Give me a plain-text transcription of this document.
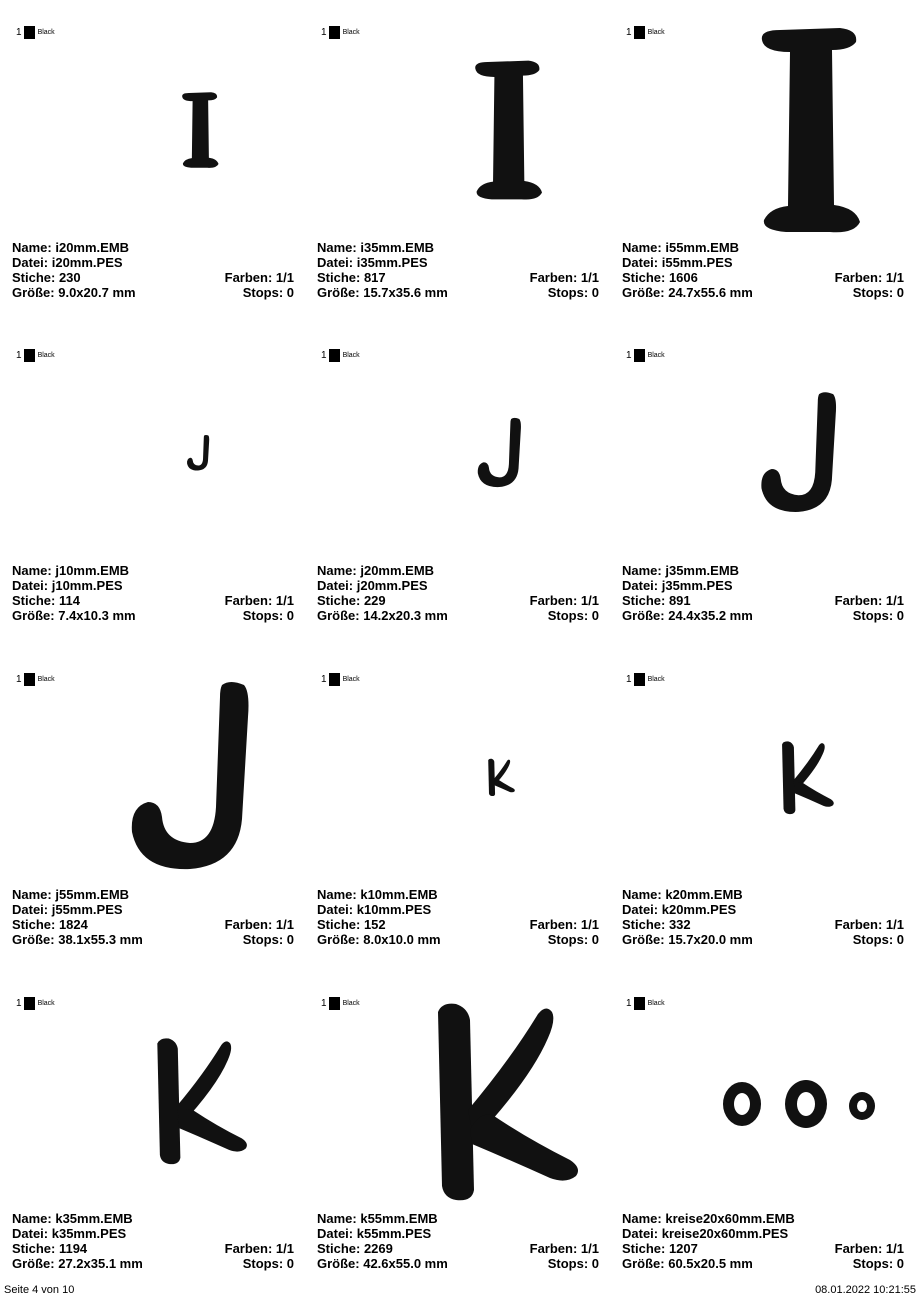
1 Black
Name: i20mm.EMB
Datei: i20mm.PES
Stiche: 230	Farben: 1/1
Größe: 9.0x20.7 mm	Stops: 0
1 Black
Name: i35mm.EMB
Datei: i35mm.PES
Stiche: 817	Farben: 1/1
Größe: 15.7x35.6 mm	Stops: 0
1 Black
Name: i55mm.EMB
Datei: i55mm.PES
Stiche: 1606	Farben: 1/1
Größe: 24.7x55.6 mm	Stops: 0
1 Black
Name: j10mm.EMB
Datei: j10mm.PES
Stiche: 114	Farben: 1/1
Größe: 7.4x10.3 mm	Stops: 0
1 Black
Name: j20mm.EMB
Datei: j20mm.PES
Stiche: 229	Farben: 1/1
Größe: 14.2x20.3 mm	Stops: 0
1 Black
Name: j35mm.EMB
Datei: j35mm.PES
Stiche: 891	Farben: 1/1
Größe: 24.4x35.2 mm	Stops: 0
1 Black
Name: j55mm.EMB
Datei: j55mm.PES
Stiche: 1824	Farben: 1/1
Größe: 38.1x55.3 mm	Stops: 0
1 Black
Name: k10mm.EMB
Datei: k10mm.PES
Stiche: 152	Farben: 1/1
Größe: 8.0x10.0 mm	Stops: 0
1 Black
Name: k20mm.EMB
Datei: k20mm.PES
Stiche: 332	Farben: 1/1
Größe: 15.7x20.0 mm	Stops: 0
1 Black
Name: k35mm.EMB
Datei: k35mm.PES
Stiche: 1194	Farben: 1/1
Größe: 27.2x35.1 mm	Stops: 0
1 Black
Name: k55mm.EMB
Datei: k55mm.PES
Stiche: 2269	Farben: 1/1
Größe: 42.6x55.0 mm	Stops: 0
1 Black
Name: kreise20x60mm.EMB
Datei: kreise20x60mm.PES
Stiche: 1207	Farben: 1/1
Größe: 60.5x20.5 mm	Stops: 0
Seite 4 von 10	08.01.2022 10:21:55
